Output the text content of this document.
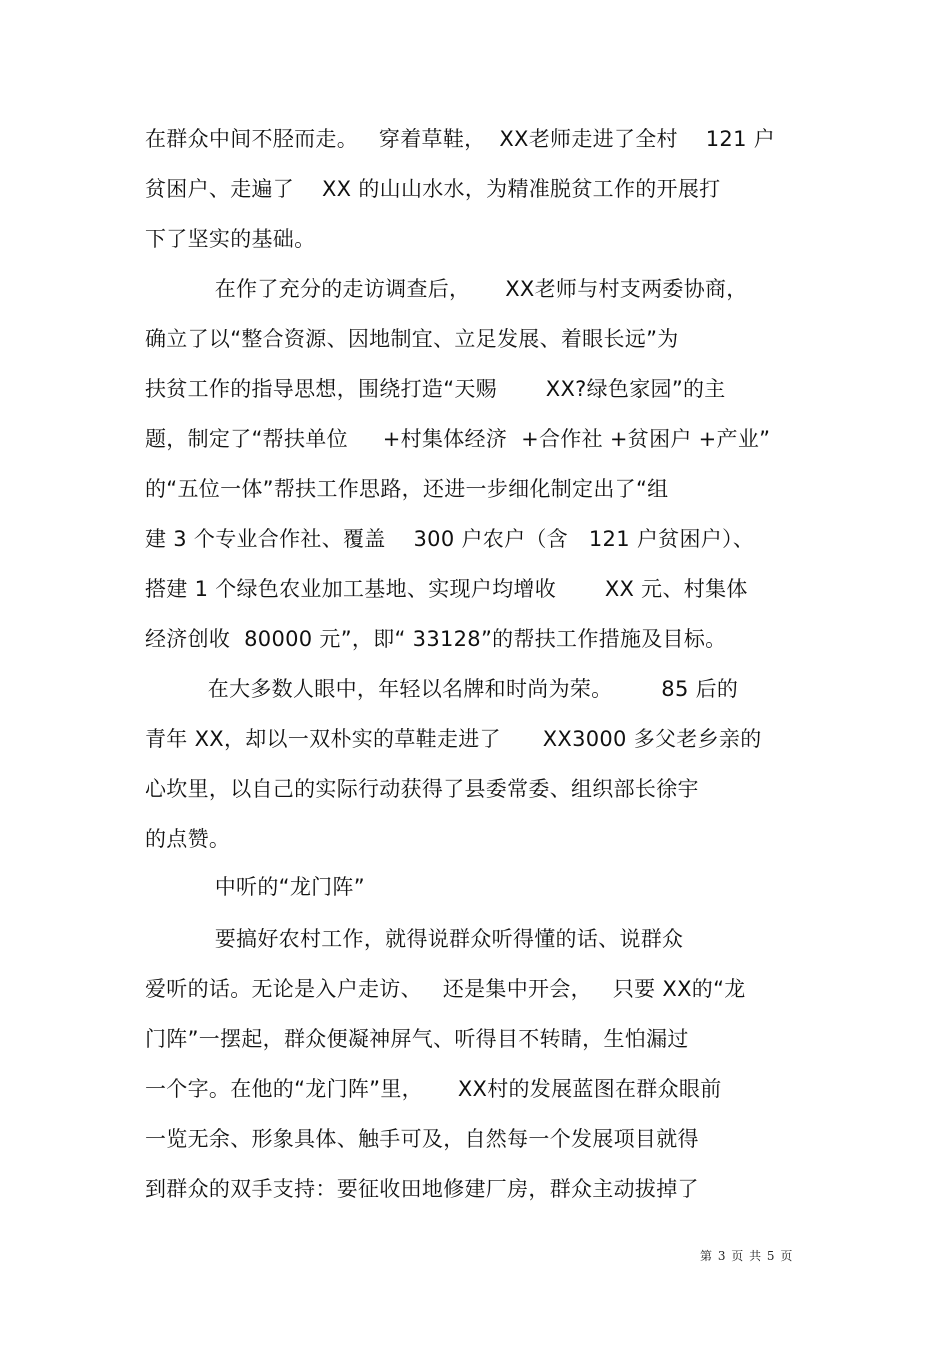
在群众中间不胫而走。   穿着草鞋，  XX老师走进了全村    121 户
贫困户、走遍了    XX 的山山水水，为精准脱贫工作的开展打
下了坚实的基础。
在作了充分的走访调查后，     XX老师与村支两委协商，
确立了以“整合资源、因地制宜、立足发展、着眼长远”为
扶贫工作的指导思想，围绕打造“天赐       XX?绿色家园”的主
题，制定了“帮扶单位     +村集体经济  +合作社 +贫困户 +产业”
的“五位一体”帮扶工作思路，还进一步细化制定出了“组
建 3 个专业合作社、覆盖    300 户农户（含   121 户贫困户）、
搭建 1 个绿色农业加工基地、实现户均增收       XX 元、村集体
经济创收  80000 元”，即“ 33128”的帮扶工作措施及目标。
在大多数人眼中，年轻以名牌和时尚为荣。       85 后的
青年 XX，却以一双朴实的草鞋走进了      XX3000 多父老乡亲的
心坎里，以自己的实际行动获得了县委常委、组织部长徐宇
的点赞。
中听的“龙门阵”
要搞好农村工作，就得说群众听得懂的话、说群众
爱听的话。无论是入户走访、   还是集中开会，   只要 XX的“龙
门阵”一摆起，群众便凝神屏气、听得目不转睛，生怕漏过
一个字。在他的“龙门阵”里，     XX村的发展蓝图在群众眼前
一览无余、形象具体、触手可及，自然每一个发展项目就得
到群众的双手支持：要征收田地修建厂房，群众主动拔掉了
第 3 页 共 5 页
